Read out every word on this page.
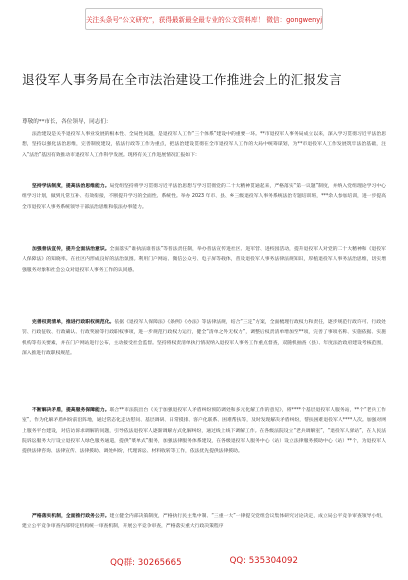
关注头条号“公文研究”，获得最新最全最专业的公文资料库！ 微信：gongwenyj
退役军人事务局在全市法治建设工作推进会上的汇报发言
尊敬的**市长，各位领导，同志们：

法治建设是关乎退役军人事业发展的根本性、全局性问题，是退役军人工作“三个体系”建设中的重要一环。**市退役军人事务局成立以来，深入学习贯彻习近平法治思想，坚持以强化法治思维，完善制度建设，依法行政等工作为重点，把法治建设贯彻在全市退役军人工作的大局中统筹谋划，为**市退役军人工作发展筑牢法治基础，注入“法治”基因有效推动市退役军人工作科学发展。现将有关工作进展情况汇报如下：

坚持学法制度，提高法治思维能力。局党组坚持将学习贯彻习近平法治思想与学习贯彻党的二十大精神贯通起来，严格落实“第一议题”制度，并纳入党组理论学习中心组学习计划，做到凡常互补、有效衔接，不断提升学习的全面性、系统性。举办 2023 年市、县、乡三级退役军人事务系统法治专题培训班，***余人参加培训，进一步提高全市退役军人事务系统领导干部法治思维和依法办事能力。

加强普法宣传，提升全面法治意识。全面落实“谁执法谁普法”等普法责任制，举办普法宣传进社区、进军营、进校园活动，提升退役军人对党的二十大精神和《退役军人保障法》的知晓率。在社区内形成良好的法治氛围。利用门户网站、微信公众号、电子屏等载体，普及退役军人事务法律法规知识，厚植退役军人事务法治思维，切实增强服务对象和社会公众对退役军人事务工作的认同感。

完善权责清单，推进行政职权规范化。依据《退役军人保障法》《条例》《办法》等法律法规，结合“三定”方案，全面梳理行政权力和责任，逐步规范行政许可、行政处罚、行政征收、行政确认、行政奖励等行政职权事项，进一步规范行政权力运行，健全“清单之外无权力”，调整后权责清单增加至**项，完善了事项名称、实施依据、实施机构等有关要素，并在门户网站进行公布，主动接受社会监督。坚持将权责清单执行情况纳入退役军人事务工作重点督查，双随机抽查（县）、年度法治政府建设考核范围，深入推进行政职权规范。

不断解决矛盾，提高服务保障能力。联合**市法院出台《关于加强退役军人矛盾纠纷预防调处和多元化解工作的意见》，将****个基层退役军人服务站，**个“老兵工作室”，作为化解矛盾纠纷前沿阵地，通过常态化走访慰问、基层调研、日常摸排、客户化联系、困难帮扶等，及时发现解决矛盾纠纷，帮扶困难退役军人****人次。加强对网上服务平台建设，对信访诉求调解的问题，引导依法退役军人逐渐调解方式化解纠纷，通过线上线下调解工作。在各级法院设立“老兵调解室”，“退役军人驿站”，在人民法院诉讼服务大厅设立退役军人绿色服务通道，提供“菜单式”服务，加强法律服务体系建设，在各级退役军人服务中心（站）设立法律服务援助中心（站）**个，为退役军人提供法律咨询、法律宣传、法律援助、调处纠纷，代理诉讼、材料收转等工作，依法优先提供法律援助。

严格落实机制，全面推行政务公开。建立健全内部决策制度，严格执行民主集中制、“三重一大”一律提交党组会议集体研究讨论决定，成立局公平竞争审查领导小组，建立公平竞争审查内部特定机构统一审查机制，开展公平竞争审查，严格落实重大行政决策程序

QQ群: 30265665	QQ: 535304092
